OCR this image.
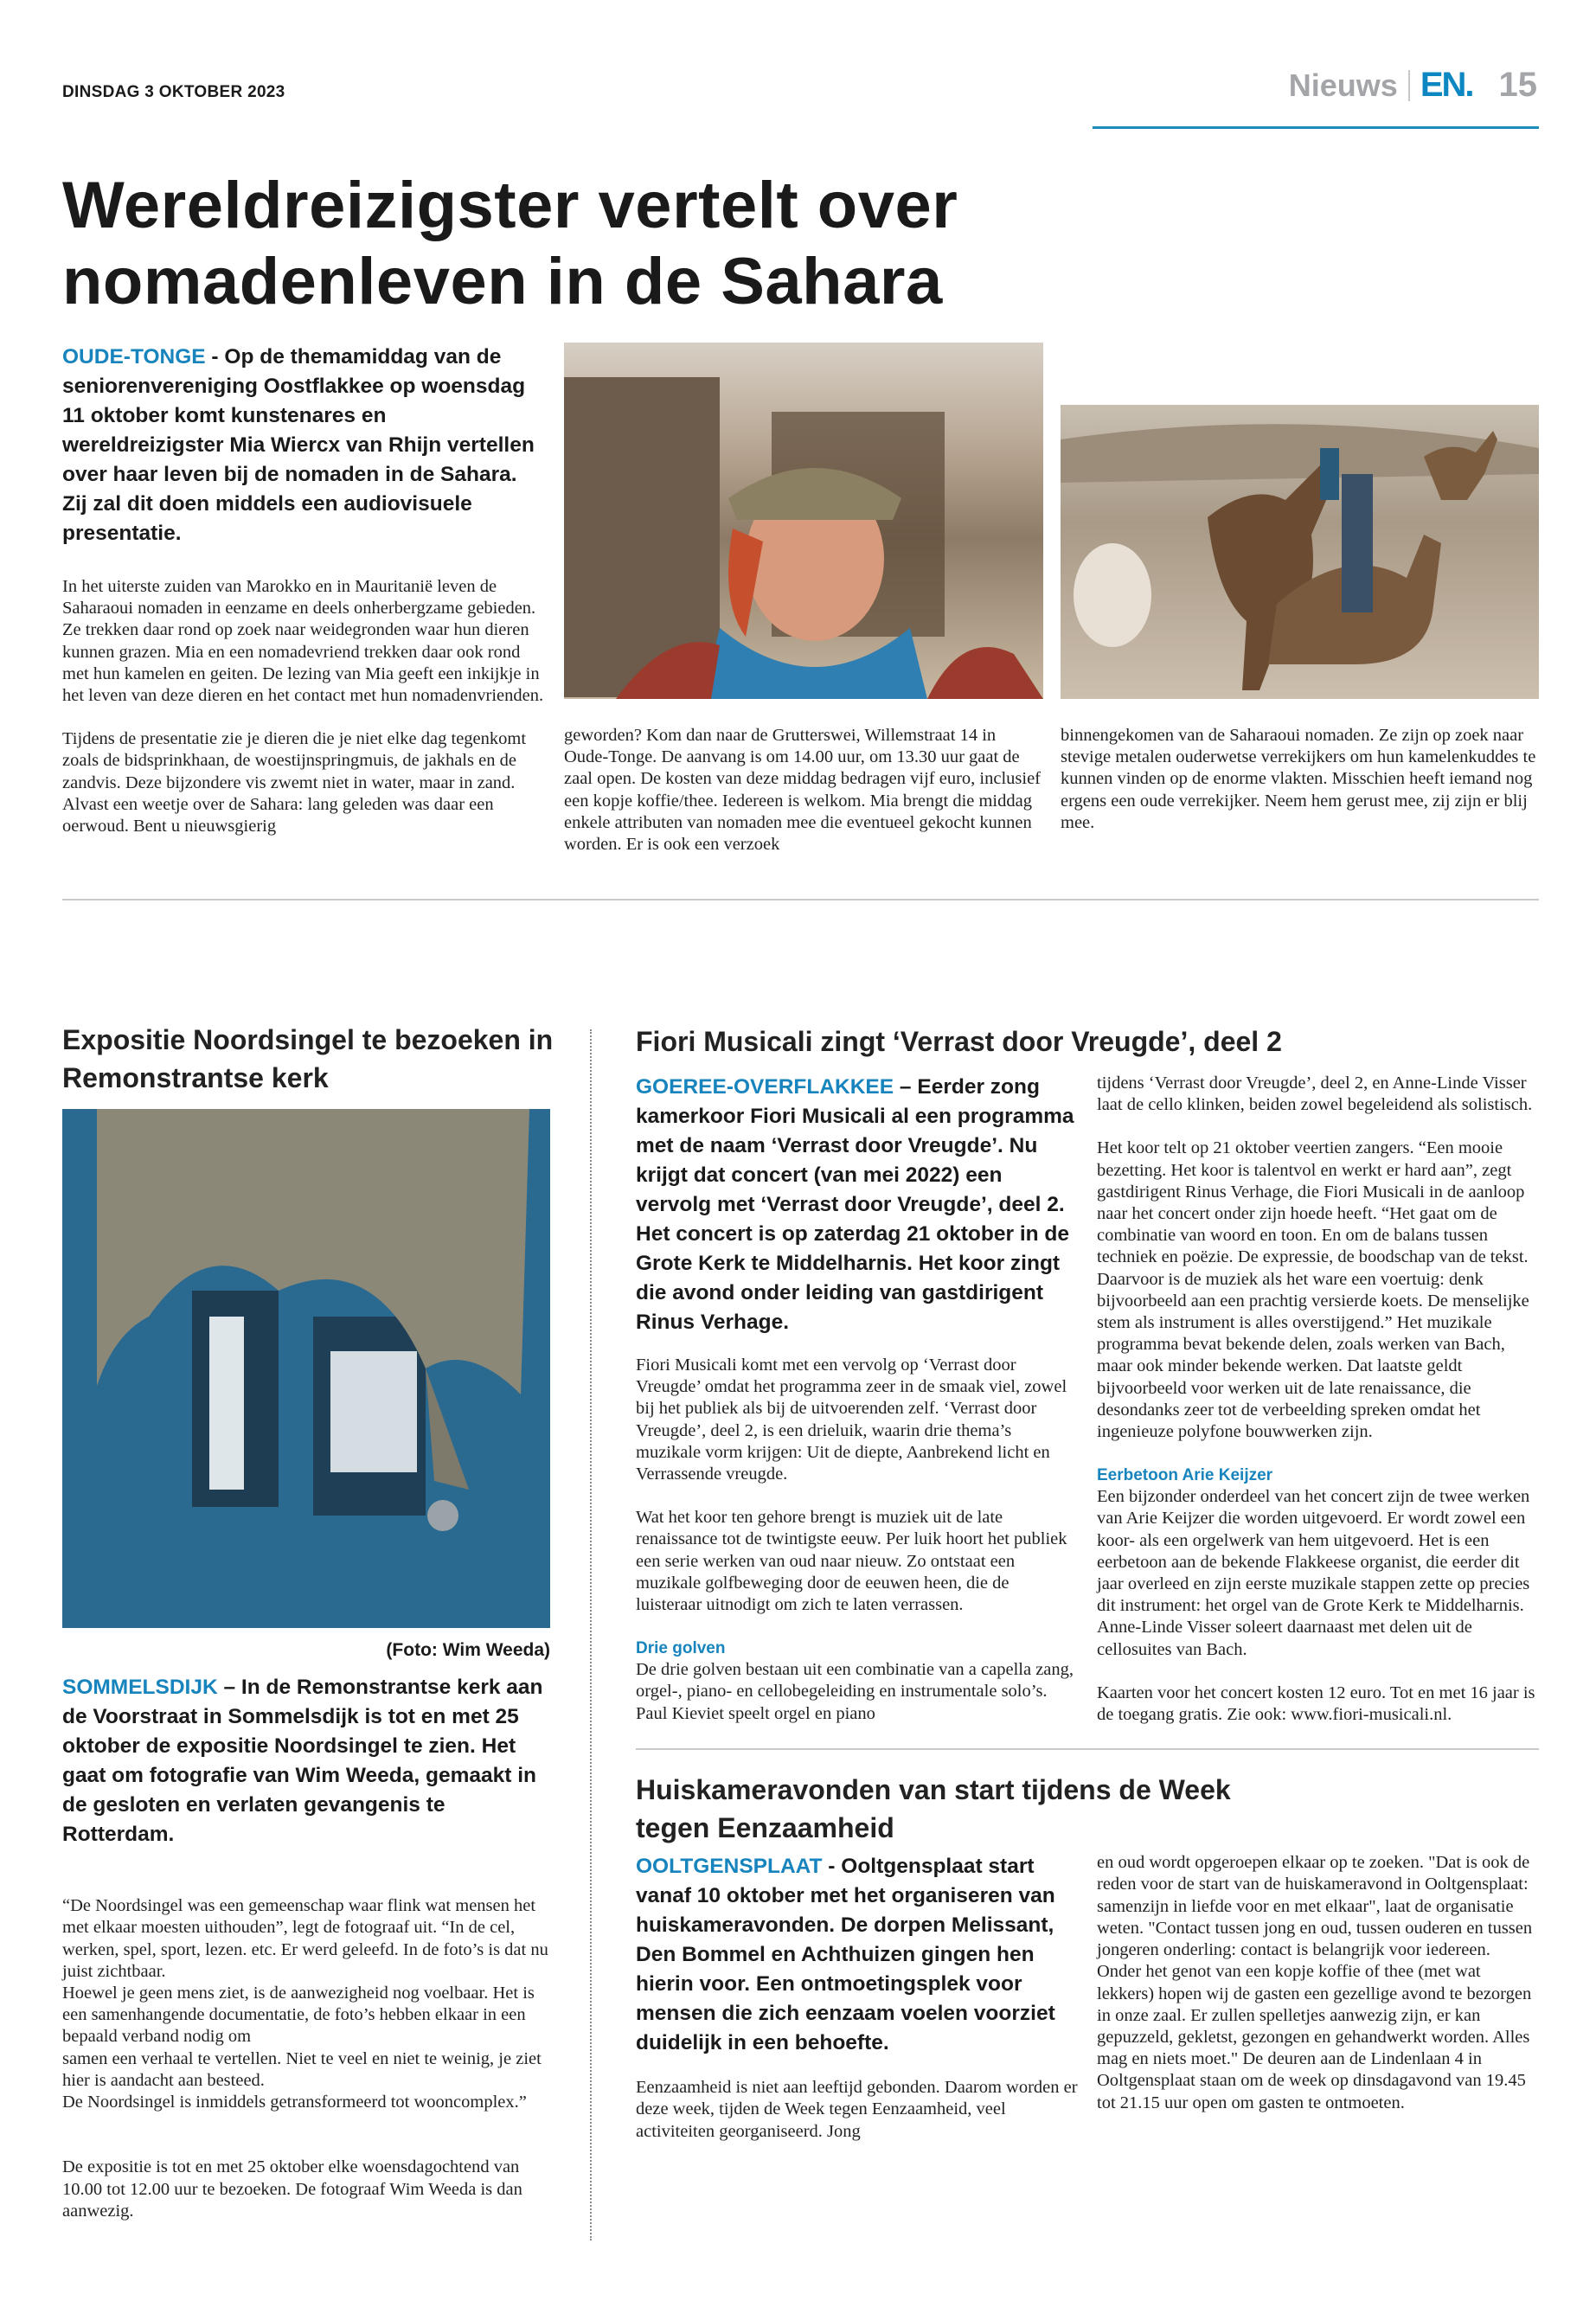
DINSDAG 3 OKTOBER 2023	Nieuws EN. 15
Wereldreizigster vertelt over nomadenleven in de Sahara
OUDE-TONGE - Op de themamiddag van de seniorenvereniging Oostflakkee op woensdag 11 oktober komt kunstenares en wereldreizigster Mia Wiercx van Rhijn vertellen over haar leven bij de nomaden in de Sahara. Zij zal dit doen middels een audiovisuele presentatie.

In het uiterste zuiden van Marokko en in Mauritanië leven de Saharaoui nomaden in eenzame en deels onherbergzame gebieden. Ze trekken daar rond op zoek naar weidegronden waar hun dieren kunnen grazen. Mia en een nomadevriend trekken daar ook rond met hun kamelen en geiten. De lezing van Mia geeft een inkijkje in het leven van deze dieren en het contact met hun nomadenvrienden.

Tijdens de presentatie zie je dieren die je niet elke dag tegenkomt zoals de bidsprinkhaan, de woestijnspringmuis, de jakhals en de zandvis. Deze bijzondere vis zwemt niet in water, maar in zand. Alvast een weetje over de Sahara: lang geleden was daar een oerwoud. Bent u nieuwsgierig

geworden? Kom dan naar de Grutterswei, Willemstraat 14 in Oude-Tonge. De aanvang is om 14.00 uur, om 13.30 uur gaat de zaal open. De kosten van deze middag bedragen vijf euro, inclusief een kopje koffie/thee. Iedereen is welkom. Mia brengt die middag enkele attributen van nomaden mee die eventueel gekocht kunnen worden. Er is ook een verzoek
binnengekomen van de Saharaoui nomaden. Ze zijn op zoek naar stevige metalen ouderwetse verrekijkers om hun kamelenkuddes te kunnen vinden op de enorme vlakten. Misschien heeft iemand nog ergens een oude verrekijker. Neem hem gerust mee, zij zijn er blij mee.
Expositie Noordsingel te bezoeken in Remonstrantse kerk
(Foto: Wim Weeda)
SOMMELSDIJK – In de Remonstrantse kerk aan de Voorstraat in Sommelsdijk is tot en met 25 oktober de expositie Noordsingel te zien. Het gaat om fotografie van Wim Weeda, gemaakt in de gesloten en verlaten gevangenis te Rotterdam.

“De Noordsingel was een gemeenschap waar flink wat mensen het met elkaar moesten uithouden”, legt de fotograaf uit. “In de cel, werken, spel, sport, lezen. etc. Er werd geleefd. In de foto’s is dat nu juist zichtbaar.
Hoewel je geen mens ziet, is de aanwezigheid nog voelbaar. Het is een samenhangende documentatie, de foto’s hebben elkaar in een bepaald verband nodig om
samen een verhaal te vertellen. Niet te veel en niet te weinig, je ziet hier is aandacht aan besteed.
De Noordsingel is inmiddels getransformeerd tot wooncomplex.”

De expositie is tot en met 25 oktober elke woensdagochtend van 10.00 tot 12.00 uur te bezoeken. De fotograaf Wim Weeda is dan aanwezig.

Fiori Musicali zingt ‘Verrast door Vreugde’, deel 2
GOEREE-OVERFLAKKEE – Eerder zong kamerkoor Fiori Musicali al een programma met de naam ‘Verrast door Vreugde’. Nu krijgt dat concert (van mei 2022) een vervolg met ‘Verrast door Vreugde’, deel 2. Het concert is op zaterdag 21 oktober in de Grote Kerk te Middelharnis. Het koor zingt die avond onder leiding van gastdirigent Rinus Verhage.

Fiori Musicali komt met een vervolg op ‘Verrast door Vreugde’ omdat het programma zeer in de smaak viel, zowel bij het publiek als bij de uitvoerenden zelf. ‘Verrast door Vreugde’, deel 2, is een drieluik, waarin drie thema’s muzikale vorm krijgen: Uit de diepte, Aanbrekend licht en Verrassende vreugde.

Wat het koor ten gehore brengt is muziek uit de late renaissance tot de twintigste eeuw. Per luik hoort het publiek een serie werken van oud naar nieuw. Zo ontstaat een muzikale golfbeweging door de eeuwen heen, die de luisteraar uitnodigt om zich te laten verrassen.

Drie golven
De drie golven bestaan uit een combinatie van a capella zang, orgel-, piano- en cellobegeleiding en instrumentale solo’s. Paul Kieviet speelt orgel en piano

tijdens ‘Verrast door Vreugde’, deel 2, en Anne-Linde Visser laat de cello klinken, beiden zowel begeleidend als solistisch.

Het koor telt op 21 oktober veertien zangers. “Een mooie bezetting. Het koor is talentvol en werkt er hard aan”, zegt gastdirigent Rinus Verhage, die Fiori Musicali in de aanloop naar het concert onder zijn hoede heeft. “Het gaat om de combinatie van woord en toon. En om de balans tussen techniek en poëzie. De expressie, de boodschap van de tekst. Daarvoor is de muziek als het ware een voertuig: denk bijvoorbeeld aan een prachtig versierde koets. De menselijke stem als instrument is alles overstijgend.” Het muzikale programma bevat bekende delen, zoals werken van Bach, maar ook minder bekende werken. Dat laatste geldt bijvoorbeeld voor werken uit de late renaissance, die desondanks zeer tot de verbeelding spreken omdat het ingenieuze polyfone bouwwerken zijn.

Eerbetoon Arie Keijzer

Een bijzonder onderdeel van het concert zijn de twee werken van Arie Keijzer die worden uitgevoerd. Er wordt zowel een koor- als een orgelwerk van hem uitgevoerd. Het is een eerbetoon aan de bekende Flakkeese organist, die eerder dit jaar overleed en zijn eerste muzikale stappen zette op precies dit instrument: het orgel van de Grote Kerk te Middelharnis. Anne-Linde Visser soleert daarnaast met delen uit de cellosuites van Bach.

Kaarten voor het concert kosten 12 euro. Tot en met 16 jaar is de toegang gratis. Zie ook: www.fiori-musicali.nl.

Huiskameravonden van start tijdens de Week tegen Eenzaamheid
OOLTGENSPLAAT - Ooltgensplaat start vanaf 10 oktober met het organiseren van huiskameravonden. De dorpen Melissant, Den Bommel en Achthuizen gingen hen hierin voor. Een ontmoetingsplek voor mensen die zich eenzaam voelen voorziet duidelijk in een behoefte.
Eenzaamheid is niet aan leeftijd gebonden. Daarom worden er deze week, tijden de Week tegen Eenzaamheid, veel activiteiten georganiseerd. Jong
en oud wordt opgeroepen elkaar op te zoeken. "Dat is ook de reden voor de start van de huiskameravond in Ooltgensplaat: samenzijn in liefde voor en met elkaar", laat de organisatie weten. "Contact tussen jong en oud, tussen ouderen en tussen jongeren onderling: contact is belangrijk voor iedereen. Onder het genot van een kopje koffie of thee (met wat lekkers) hopen wij de gasten een gezellige avond te bezorgen in onze zaal. Er zullen spelletjes aanwezig zijn, er kan gepuzzeld, gekletst, gezongen en gehandwerkt worden. Alles mag en niets moet." De deuren aan de Lindenlaan 4 in Ooltgensplaat staan om de week op dinsdagavond van 19.45 tot 21.15 uur open om gasten te ontmoeten.
